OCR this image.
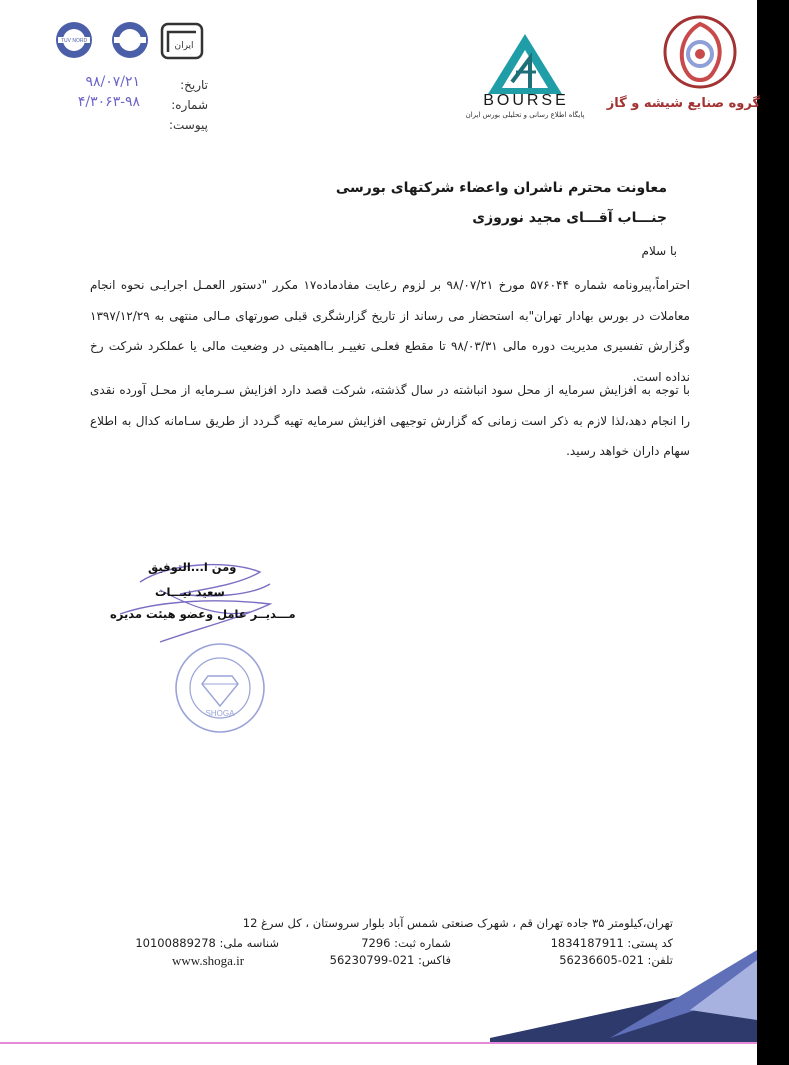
گروه صنایع شیشه و گاز
BOURSE
پایگاه اطلاع رسانی و تحلیلی بورس ایران
TUV NORD	ایران
تاریخ:
۹۸/۰۷/۲۱
شماره:
۴/۳۰۶۳-۹۸
پیوست:
معاونت محترم ناشران واعضاء شرکتهای بورسی
جنـــاب آقـــای مجید نوروزی
با سلام
احتراماً،پیرونامه شماره ۵۷۶۰۴۴ مورخ ۹۸/۰۷/۲۱ بر لزوم رعایت مفادماده۱۷ مکرر "دستور العمـل اجرایـی نحوه انجام معاملات در بورس بهادار تهران"به استحضار می رساند از تاریخ گزارشگری قبلی صورتهای مـالی منتهی به ۱۳۹۷/۱۲/۲۹ وگزارش تفسیری مدیریت دوره مالی ۹۸/۰۳/۳۱ تا مقطع فعلـی تغییـر بـااهمیتی در وضعیت مالی یا عملکرد شرکت رخ نداده است.
با توجه به افزایش سرمایه از محل سود انباشته در سال گذشته، شرکت قصد دارد افزایش سـرمایه از محـل آورده نقدی را انجام دهد،لذا لازم به ذکر است زمانی که گزارش توجیهی افزایش سرمایه تهیه گـردد از طریق سـامانه کدال به اطلاع سهام داران خواهد رسید.
ومن ا...التوفیق
سعید نیـــات
مـــدیــر عامل وعضو هیئت مدیره
SHOGA
تهران،کیلومتر ۳۵ جاده تهران قم ، شهرک صنعتی شمس آباد بلوار سروستان ، کل سرغ 12
کد پستی: 1834187911
شماره ثبت: 7296
شناسه ملی: 10100889278
تلفن: 021-56236605
فاکس: 021-56230799
www.shoga.ir
